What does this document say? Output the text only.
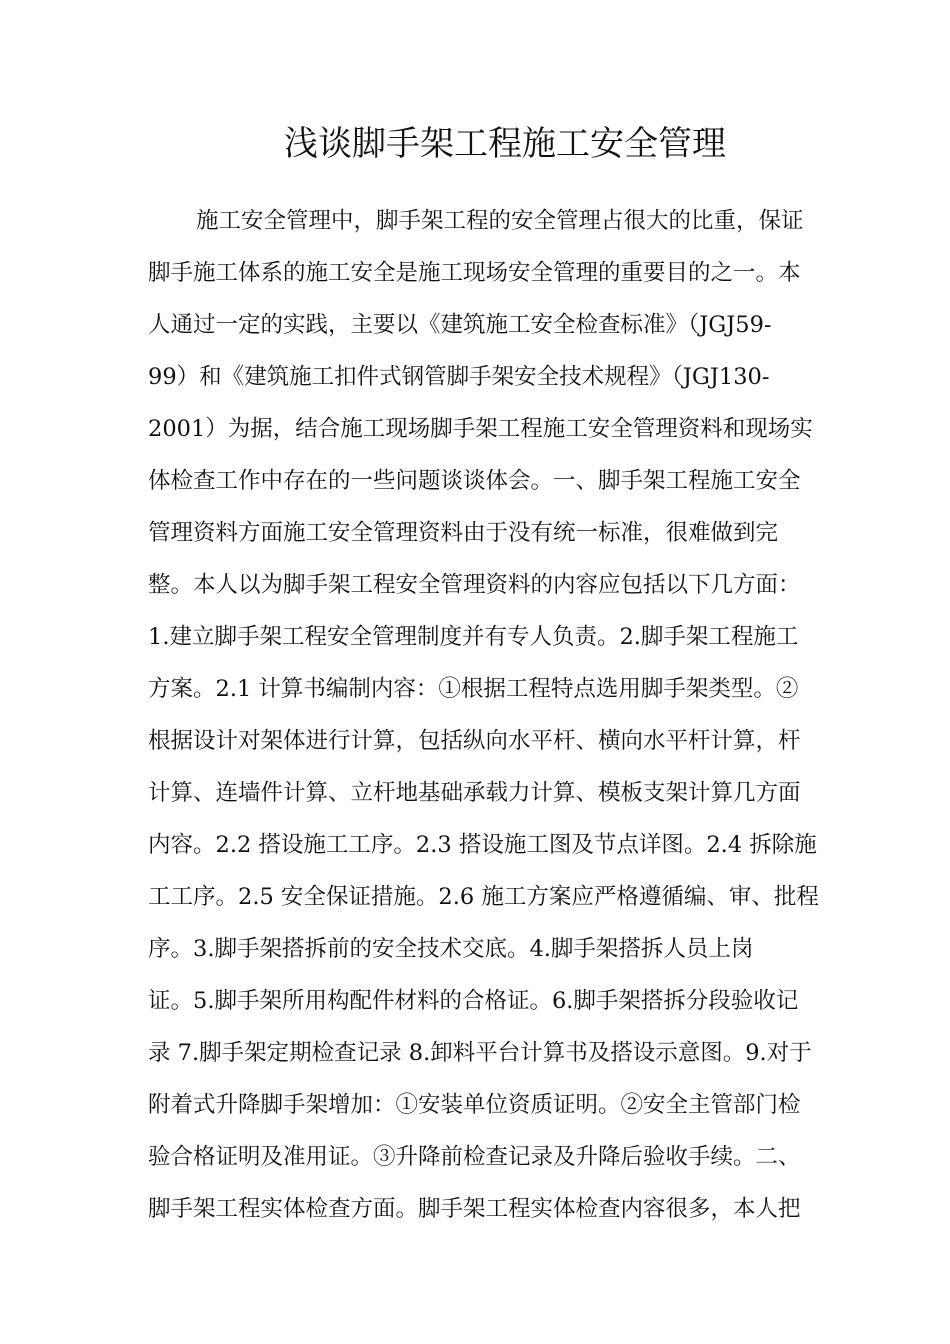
浅谈脚手架工程施工安全管理
施工安全管理中，脚手架工程的安全管理占很大的比重，保证
脚手施工体系的施工安全是施工现场安全管理的重要目的之一。本
人通过一定的实践，主要以《建筑施工安全检查标准》（JGJ59-
99）和《建筑施工扣件式钢管脚手架安全技术规程》（JGJ130-
2001）为据，结合施工现场脚手架工程施工安全管理资料和现场实
体检查工作中存在的一些问题谈谈体会。一、脚手架工程施工安全
管理资料方面施工安全管理资料由于没有统一标准，很难做到完
整。本人以为脚手架工程安全管理资料的内容应包括以下几方面：
1.建立脚手架工程安全管理制度并有专人负责。2.脚手架工程施工
方案。2.1 计算书编制内容：①根据工程特点选用脚手架类型。②
根据设计对架体进行计算，包括纵向水平杆、横向水平杆计算，杆
计算、连墙件计算、立杆地基础承载力计算、模板支架计算几方面
内容。2.2 搭设施工工序。2.3 搭设施工图及节点详图。2.4 拆除施
工工序。2.5 安全保证措施。2.6 施工方案应严格遵循编、审、批程
序。3.脚手架搭拆前的安全技术交底。4.脚手架搭拆人员上岗
证。5.脚手架所用构配件材料的合格证。6.脚手架搭拆分段验收记
录 7.脚手架定期检查记录 8.卸料平台计算书及搭设示意图。9.对于
附着式升降脚手架增加：①安装单位资质证明。②安全主管部门检
验合格证明及准用证。③升降前检查记录及升降后验收手续。二、
脚手架工程实体检查方面。脚手架工程实体检查内容很多，本人把
